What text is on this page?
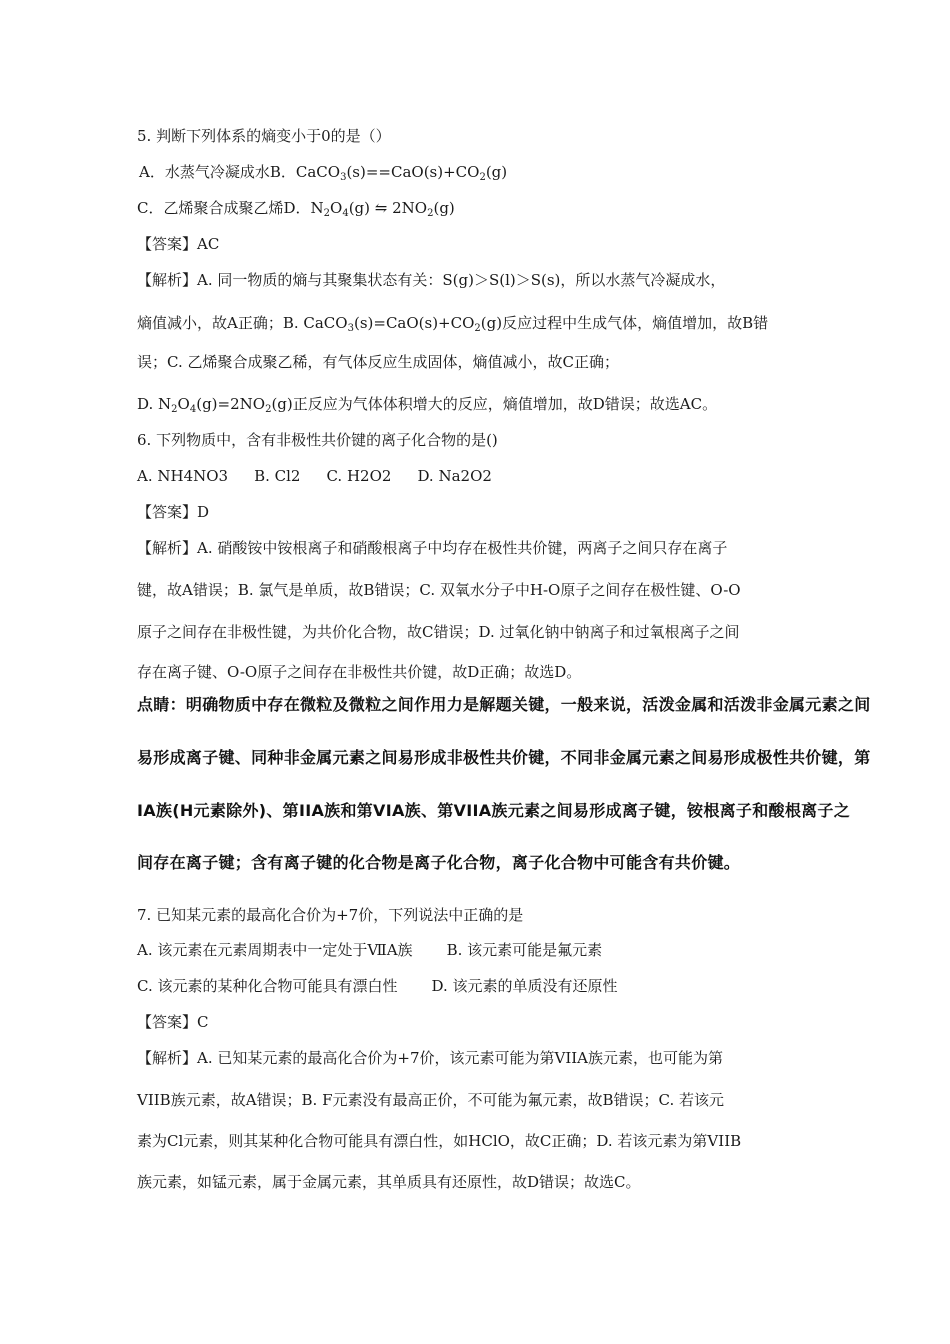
5. 判断下列体系的熵变小于0的是（）
A．水蒸气冷凝成水B．$CaCO_3(s)==CaO(s)+CO_2(g)$
C．乙烯聚合成聚乙烯D．$N_2O_4(g)$ ⇋ $2NO_2(g)$
【答案】AC
【解析】A. 同一物质的熵与其聚集状态有关：S(g)＞S(l)＞S(s)，所以水蒸气冷凝成水，
熵值减小，故A正确；B. $CaCO_3(s)=CaO(s)+CO_2(g)$反应过程中生成气体，熵值增加，故B错
误；C. 乙烯聚合成聚乙稀，有气体反应生成固体，熵值减小，故C正确；
D. $N_2O_4(g)=2NO_2(g)$正反应为气体体积增大的反应，熵值增加，故D错误；故选AC。
6. 下列物质中，含有非极性共价键的离子化合物的是()
A. NH4NO3 B. Cl2 C. H2O2 D. Na2O2
【答案】D
【解析】A. 硝酸铵中铵根离子和硝酸根离子中均存在极性共价键，两离子之间只存在离子
键，故A错误；B. 氯气是单质，故B错误；C. 双氧水分子中H-O原子之间存在极性键、O-O
原子之间存在非极性键，为共价化合物，故C错误；D. 过氧化钠中钠离子和过氧根离子之间
存在离子键、O-O原子之间存在非极性共价键，故D正确；故选D。
点睛：明确物质中存在微粒及微粒之间作用力是解题关键，一般来说，活泼金属和活泼非金属元素之间
易形成离子键、同种非金属元素之间易形成非极性共价键，不同非金属元素之间易形成极性共价键，第
IA族(H元素除外)、第IIA族和第VIA族、第VIIA族元素之间易形成离子键，铵根离子和酸根离子之
间存在离子键；含有离子键的化合物是离子化合物，离子化合物中可能含有共价键。
7. 已知某元素的最高化合价为+7价，下列说法中正确的是
A. 该元素在元素周期表中一定处于ⅦA族 B. 该元素可能是氟元素
C. 该元素的某种化合物可能具有漂白性 D. 该元素的单质没有还原性
【答案】C
【解析】A. 已知某元素的最高化合价为+7价，该元素可能为第VIIA族元素，也可能为第
VIIB族元素，故A错误；B. F元素没有最高正价，不可能为氟元素，故B错误；C. 若该元
素为Cl元素，则其某种化合物可能具有漂白性，如HClO，故C正确；D. 若该元素为第VIIB
族元素，如锰元素，属于金属元素，其单质具有还原性，故D错误；故选C。
